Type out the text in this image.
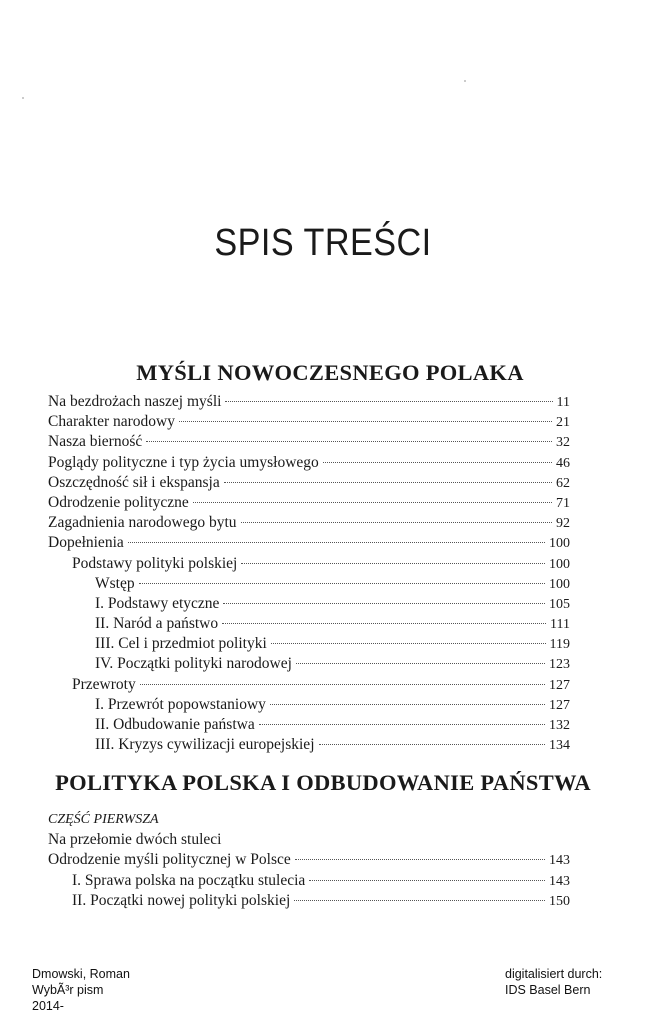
SPIS TREŚCI
MYŚLI NOWOCZESNEGO POLAKA
Na bezdrożach naszej myśli	11
Charakter narodowy	21
Nasza bierność	32
Poglądy polityczne i typ życia umysłowego	46
Oszczędność sił i ekspansja	62
Odrodzenie polityczne	71
Zagadnienia narodowego bytu	92
Dopełnienia	100
Podstawy polityki polskiej	100
Wstęp	100
I. Podstawy etyczne	105
II. Naród a państwo	111
III. Cel i przedmiot polityki	119
IV. Początki polityki narodowej	123
Przewroty	127
I. Przewrót popowstaniowy	127
II. Odbudowanie państwa	132
III. Kryzys cywilizacji europejskiej	134
POLITYKA POLSKA I ODBUDOWANIE PAŃSTWA
CZĘŚĆ PIERWSZA
Na przełomie dwóch stuleci
Odrodzenie myśli politycznej w Polsce	143
I. Sprawa polska na początku stulecia	143
II. Początki nowej polityki polskiej	150
Dmowski, Roman
WybÃ³r pism
2014-
digitalisiert durch:
IDS Basel Bern
